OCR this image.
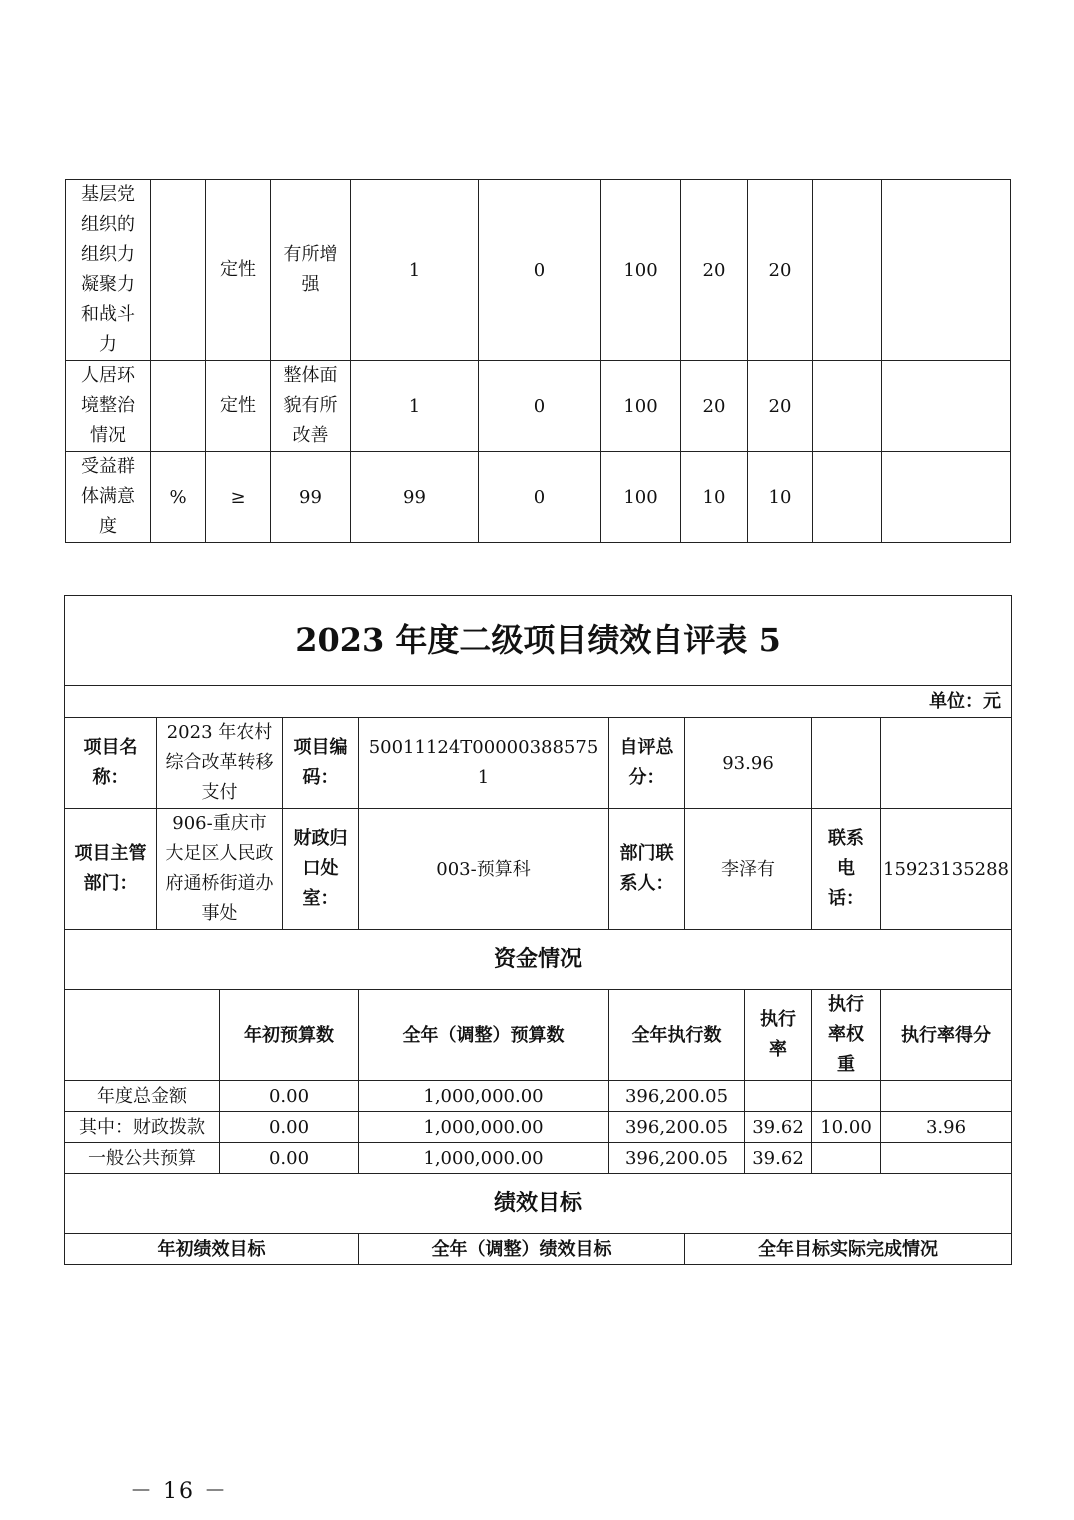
基层党组织的组织力凝聚力和战斗力		定性	有所增强	1	0	100	20	20		
人居环境整治情况		定性	整体面貌有所改善	1	0	100	20	20		
受益群体满意度	%	≥	99	99	0	100	10	10		
2023 年度二级项目绩效自评表 5									
单位：元									
项目名称：	2023 年农村综合改革转移支付		项目编码：	50011124T000003885751	自评总分：	93.96			
项目主管部门：	906-重庆市大足区人民政府通桥街道办事处		财政归口处室：	003-预算科	部门联系人：	李泽有		联系电话：	15923135288
资金情况									
		年初预算数		全年（调整）预算数	全年执行数		执行率	执行率权重	执行率得分
年度总金额		0.00		1,000,000.00	396,200.05				
其中：财政拨款		0.00		1,000,000.00	396,200.05		39.62	10.00	3.96
一般公共预算		0.00		1,000,000.00	396,200.05		39.62		
绩效目标									
年初绩效目标				全年（调整）绩效目标		全年目标实际完成情况			
－ 16 －
